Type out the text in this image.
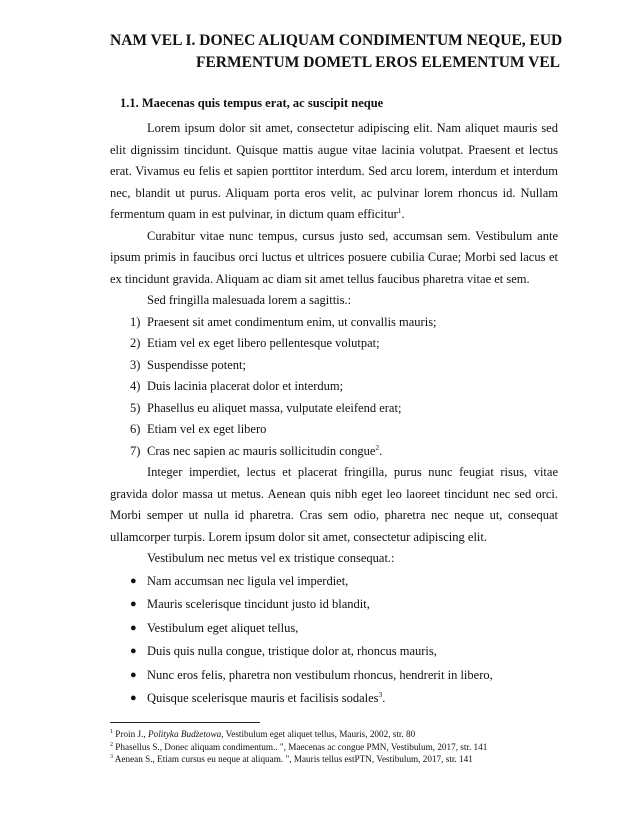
NAM VEL I. DONEC ALIQUAM CONDIMENTUM NEQUE, EUD
FERMENTUM DOMETL EROS ELEMENTUM VEL
1.1. Maecenas quis tempus erat, ac suscipit neque

Lorem ipsum dolor sit amet, consectetur adipiscing elit. Nam aliquet mauris sed elit dignissim tincidunt. Quisque mattis augue vitae lacinia volutpat. Praesent et lectus erat. Vivamus eu felis et sapien porttitor interdum. Sed arcu lorem, interdum et interdum nec, blandit ut purus. Aliquam porta eros velit, ac pulvinar lorem rhoncus id. Nullam fermentum quam in est pulvinar, in dictum quam efficitur$^1$.

Curabitur vitae nunc tempus, cursus justo sed, accumsan sem. Vestibulum ante ipsum primis in faucibus orci luctus et ultrices posuere cubilia Curae; Morbi sed lacus et ex tincidunt gravida. Aliquam ac diam sit amet tellus faucibus pharetra vitae et sem.

Sed fringilla malesuada lorem a sagittis.:

1) Praesent sit amet condimentum enim, ut convallis mauris;
2) Etiam vel ex eget libero pellentesque volutpat;
3) Suspendisse potent;
4) Duis lacinia placerat dolor et interdum;
5) Phasellus eu aliquet massa, vulputate eleifend erat;
6) Etiam vel ex eget libero
7) Cras nec sapien ac mauris sollicitudin congue$^2$.

Integer imperdiet, lectus et placerat fringilla, purus nunc feugiat risus, vitae gravida dolor massa ut metus. Aenean quis nibh eget leo laoreet tincidunt nec sed orci. Morbi semper ut nulla id pharetra. Cras sem odio, pharetra nec neque ut, consequat ullamcorper turpis. Lorem ipsum dolor sit amet, consectetur adipiscing elit.

Vestibulum nec metus vel ex tristique consequat.:

● Nam accumsan nec ligula vel imperdiet,
● Mauris scelerisque tincidunt justo id blandit,
● Vestibulum eget aliquet tellus,
● Duis quis nulla congue, tristique dolor at, rhoncus mauris,
● Nunc eros felis, pharetra non vestibulum rhoncus, hendrerit in libero,
● Quisque scelerisque mauris et facilisis sodales$^3$.
$^1$ Proin J., Polityka Budżetowa, Vestibulum eget aliquet tellus, Mauris, 2002, str. 80
$^2$ Phasellus S., Donec aliquam condimentum.. ", Maecenas ac congue PMN, Vestibulum, 2017, str. 141
$^3$ Aenean S., Etiam cursus eu neque at aliquam. ", Mauris tellus estPTN, Vestibulum, 2017, str. 141
